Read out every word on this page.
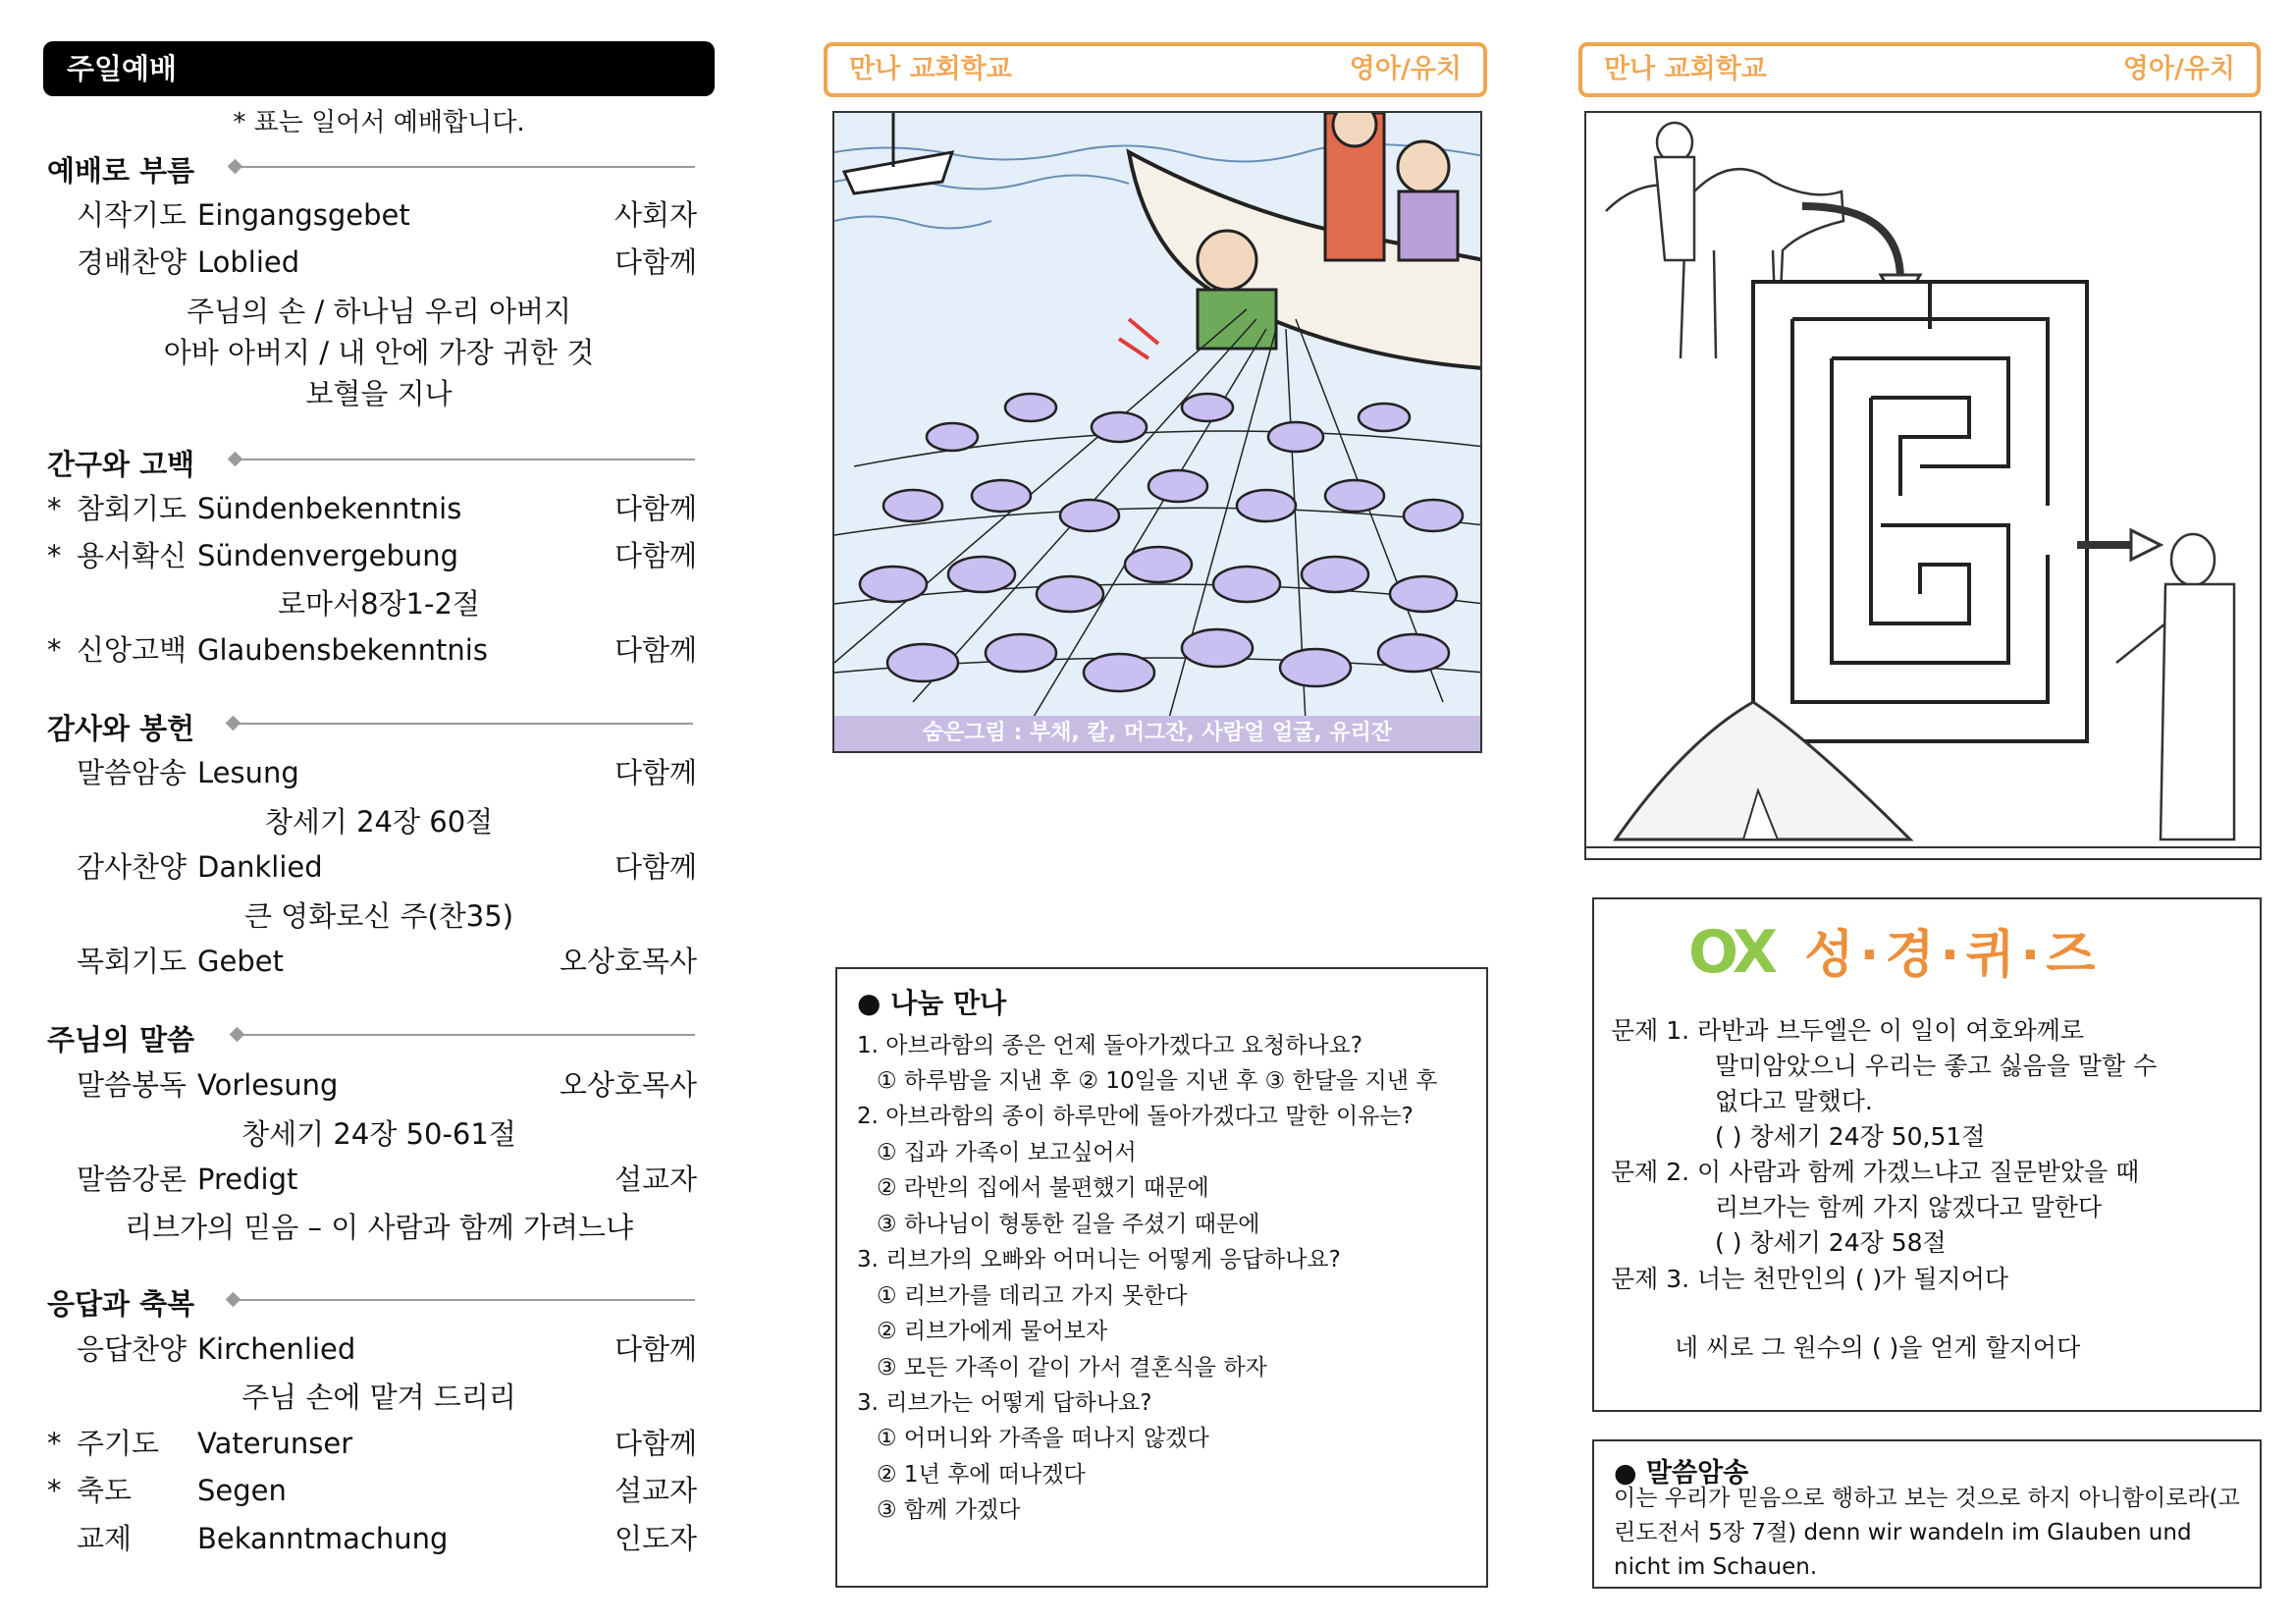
주일예배
* 표는 일어서 예배합니다.
예배로 부름
시작기도 Eingangsgebet	사회자
경배찬양 Loblied	다함께
주님의 손 / 하나님 우리 아버지
아바 아버지 / 내 안에 가장 귀한 것
보혈을 지나
간구와 고백
* 참회기도 Sündenbekenntnis	다함께
* 용서확신 Sündenvergebung	다함께
로마서8장1-2절
* 신앙고백 Glaubensbekenntnis	다함께
감사와 봉헌
말씀암송 Lesung	다함께
창세기 24장 60절
감사찬양 Danklied	다함께
큰 영화로신 주(찬35)
목회기도 Gebet	오상호목사
주님의 말씀
말씀봉독 Vorlesung	오상호목사
창세기 24장 50-61절
말씀강론 Predigt	설교자
리브가의 믿음 – 이 사람과 함께 가려느냐
응답과 축복
응답찬양 Kirchenlied	다함께
주님 손에 맡겨 드리리
* 주기도 Vaterunser	다함께
* 축도 Segen	설교자
교제 Bekanntmachung	인도자
만나 교회학교	영아/유치
숨은그림 : 부채, 칼, 머그잔, 사람얼 얼굴, 유리잔
● 나눔 만나
1. 아브라함의 종은 언제 돌아가겠다고 요청하나요?
① 하루밤을 지낸 후 ② 10일을 지낸 후 ③ 한달을 지낸 후
2. 아브라함의 종이 하루만에 돌아가겠다고 말한 이유는?
① 집과 가족이 보고싶어서
② 라반의 집에서 불편했기 때문에
③ 하나님이 형통한 길을 주셨기 때문에
3. 리브가의 오빠와 어머니는 어떻게 응답하나요?
① 리브가를 데리고 가지 못한다
② 리브가에게 물어보자
③ 모든 가족이 같이 가서 결혼식을 하자
3. 리브가는 어떻게 답하나요?
① 어머니와 가족을 떠나지 않겠다
② 1년 후에 떠나겠다
③ 함께 가겠다
만나 교회학교	영아/유치
OX 성·경·퀴·즈
문제 1. 라반과 브두엘은 이 일이 여호와께로
말미암았으니 우리는 좋고 싫음을 말할 수
없다고 말했다.
( ) 창세기 24장 50,51절
문제 2. 이 사람과 함께 가겠느냐고 질문받았을 때
리브가는 함께 가지 않겠다고 말한다
( ) 창세기 24장 58절
문제 3. 너는 천만인의 ( )가 될지어다
네 씨로 그 원수의 ( )을 얻게 할지어다
● 말씀암송
이는 우리가 믿음으로 행하고 보는 것으로 하지 아니함이로라(고린도전서 5장 7절) denn wir wandeln im Glauben und nicht im Schauen.
